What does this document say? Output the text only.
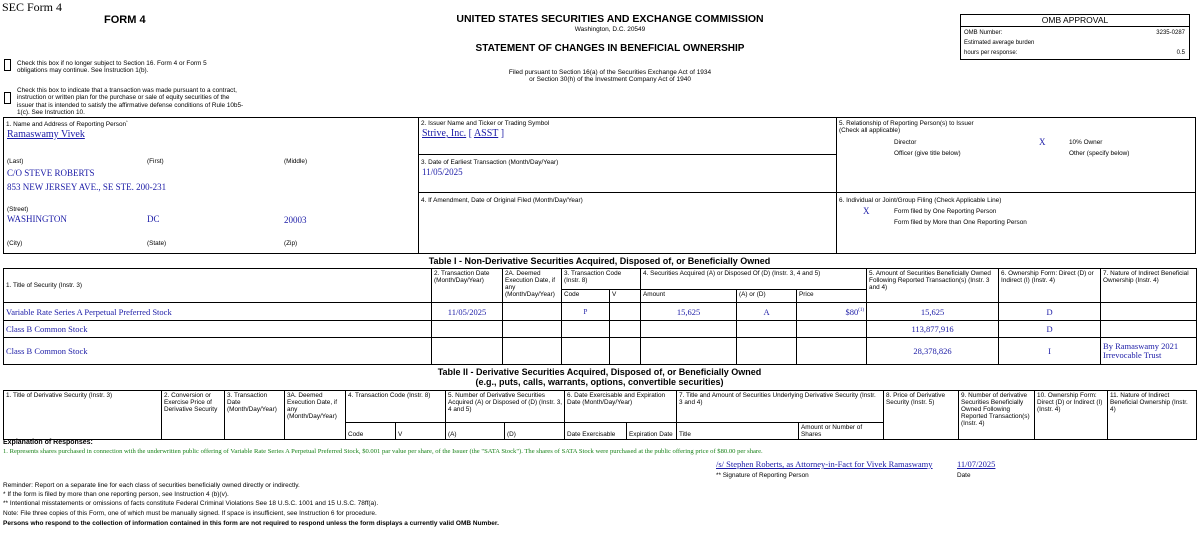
SEC Form 4
FORM 4	UNITED STATES SECURITIES AND EXCHANGE COMMISSION
Washington, D.C. 20549
STATEMENT OF CHANGES IN BENEFICIAL OWNERSHIP
Filed pursuant to Section 16(a) of the Securities Exchange Act of 1934
or Section 30(h) of the Investment Company Act of 1940
OMB APPROVAL
OMB Number:	3235-0287
Estimated average burden
hours per response:	0.5
Check this box if no longer subject to Section 16. Form 4 or Form 5 obligations may continue. See Instruction 1(b).
Check this box to indicate that a transaction was made pursuant to a contract, instruction or written plan for the purchase or sale of equity securities of the issuer that is intended to satisfy the affirmative defense conditions of Rule 10b5-1(c). See Instruction 10.
1. Name and Address of Reporting Person*
Ramaswamy Vivek
(Last)	(First)	(Middle)
C/O STEVE ROBERTS
853 NEW JERSEY AVE., SE STE. 200-231
(Street)
WASHINGTON	DC	20003
(City)	(State)	(Zip)
2. Issuer Name and Ticker or Trading Symbol
Strive, Inc. [ ASST ]
3. Date of Earliest Transaction (Month/Day/Year)
11/05/2025
4. If Amendment, Date of Original Filed (Month/Day/Year)
5. Relationship of Reporting Person(s) to Issuer
(Check all applicable)
Director	X	10% Owner
Officer (give title below)	Other (specify below)
6. Individual or Joint/Group Filing (Check Applicable Line)
X	Form filed by One Reporting Person
Form filed by More than One Reporting Person
Table I - Non-Derivative Securities Acquired, Disposed of, or Beneficially Owned
1. Title of Security (Instr. 3)	2. Transaction Date (Month/Day/Year)	2A. Deemed Execution Date, if any (Month/Day/Year)	3. Transaction Code (Instr. 8)		4. Securities Acquired (A) or Disposed Of (D) (Instr. 3, 4 and 5)			5. Amount of Securities Beneficially Owned Following Reported Transaction(s) (Instr. 3 and 4)	6. Ownership Form: Direct (D) or Indirect (I) (Instr. 4)	7. Nature of Indirect Beneficial Ownership (Instr. 4)
			Code	V	Amount	(A) or (D)	Price			
Variable Rate Series A Perpetual Preferred Stock	11/05/2025		P		15,625	A	$80$^{(1)}$	15,625	D	
Class B Common Stock								113,877,916	D	
Class B Common Stock								28,378,826	I	By Ramaswamy 2021 Irrevocable Trust
Table II - Derivative Securities Acquired, Disposed of, or Beneficially Owned
(e.g., puts, calls, warrants, options, convertible securities)
1. Title of Derivative Security (Instr. 3)	2. Conversion or Exercise Price of Derivative Security	3. Transaction Date (Month/Day/Year)	3A. Deemed Execution Date, if any (Month/Day/Year)	4. Transaction Code (Instr. 8)		5. Number of Derivative Securities Acquired (A) or Disposed of (D) (Instr. 3, 4 and 5)		6. Date Exercisable and Expiration Date (Month/Day/Year)		7. Title and Amount of Securities Underlying Derivative Security (Instr. 3 and 4)		8. Price of Derivative Security (Instr. 5)	9. Number of derivative Securities Beneficially Owned Following Reported Transaction(s) (Instr. 4)	10. Ownership Form: Direct (D) or Indirect (I) (Instr. 4)	11. Nature of Indirect Beneficial Ownership (Instr. 4)
				Code	V	(A)	(D)	Date Exercisable	Expiration Date	Title	Amount or Number of Shares				
Explanation of Responses:
1. Represents shares purchased in connection with the underwritten public offering of Variable Rate Series A Perpetual Preferred Stock, $0.001 par value per share, of the Issuer (the "SATA Stock"). The shares of SATA Stock were purchased at the public offering price of $80.00 per share.
/s/ Stephen Roberts, as Attorney-in-Fact for Vivek Ramaswamy	11/07/2025
** Signature of Reporting Person	Date
Reminder: Report on a separate line for each class of securities beneficially owned directly or indirectly.
* If the form is filed by more than one reporting person, see Instruction 4 (b)(v).
** Intentional misstatements or omissions of facts constitute Federal Criminal Violations See 18 U.S.C. 1001 and 15 U.S.C. 78ff(a).
Note: File three copies of this Form, one of which must be manually signed. If space is insufficient, see Instruction 6 for procedure.
Persons who respond to the collection of information contained in this form are not required to respond unless the form displays a currently valid OMB Number.
